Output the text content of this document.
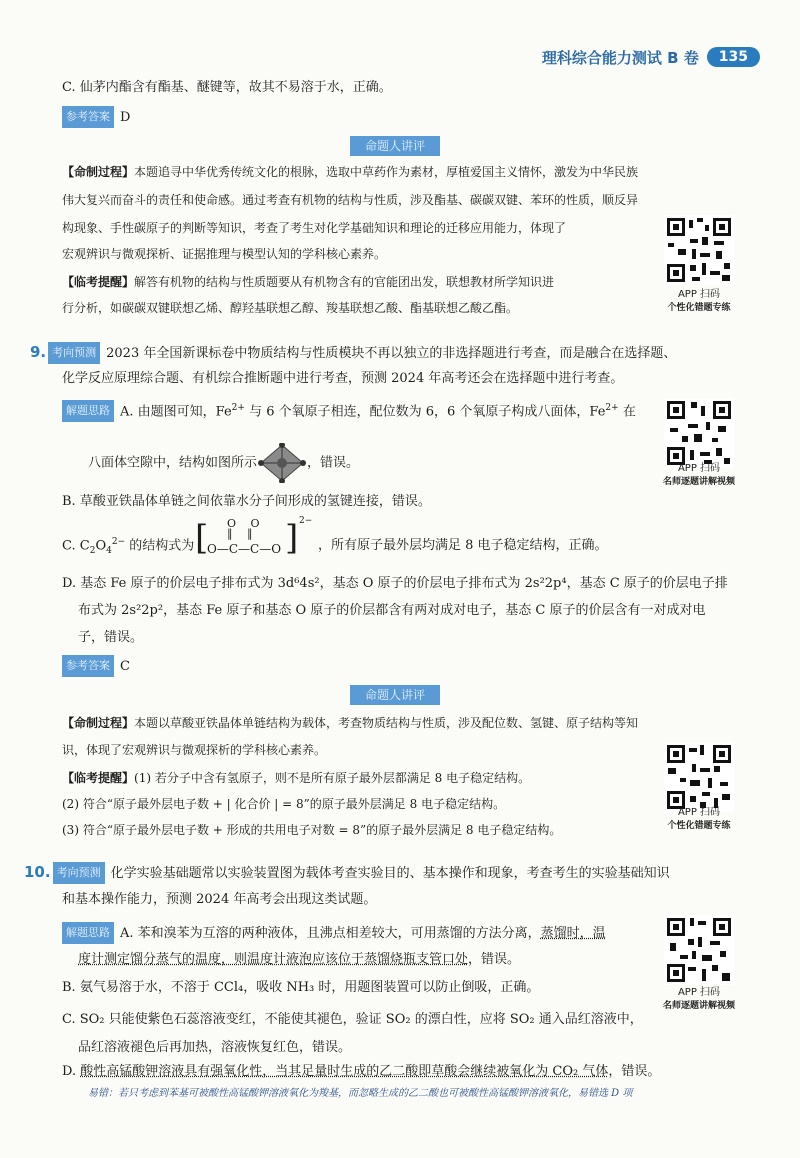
理科综合能力测试 B 卷	135
C. 仙茅内酯含有酯基、醚键等，故其不易溶于水，正确。
参考答案 D
命题人讲评
【命制过程】本题追寻中华优秀传统文化的根脉，选取中草药作为素材，厚植爱国主义情怀，激发为中华民族
伟大复兴而奋斗的责任和使命感。通过考查有机物的结构与性质，涉及酯基、碳碳双键、苯环的性质，顺反异
构现象、手性碳原子的判断等知识，考查了考生对化学基础知识和理论的迁移应用能力，体现了
宏观辨识与微观探析、证据推理与模型认知的学科核心素养。
【临考提醒】解答有机物的结构与性质题要从有机物含有的官能团出发，联想教材所学知识进
行分析，如碳碳双键联想乙烯、醇羟基联想乙醇、羧基联想乙酸、酯基联想乙酸乙酯。
APP 扫码
个性化错题专练
9. 考向预测 2023 年全国新课标卷中物质结构与性质模块不再以独立的非选择题进行考查，而是融合在选择题、
化学反应原理综合题、有机综合推断题中进行考查，预测 2024 年高考还会在选择题中进行考查。
解题思路 A. 由题图可知，$Fe^{2+}$ 与 6 个氧原子相连，配位数为 6，6 个氧原子构成八面体，$Fe^{2+}$ 在
八面体空隙中，结构如图所示	，错误。	APP 扫码
名师逐题讲解视频
B. 草酸亚铁晶体单链之间依靠水分子间形成的氢键连接，错误。
C. $C_2O_4^{2-}$ 的结构式为 [ O   O
‖   ‖
O—C—C—O ] 2−
，所有原子最外层均满足 8 电子稳定结构，正确。
D. 基态 Fe 原子的价层电子排布式为 3d⁶4s²，基态 O 原子的价层电子排布式为 2s²2p⁴，基态 C 原子的价层电子排
布式为 2s²2p²，基态 Fe 原子和基态 O 原子的价层都含有两对成对电子，基态 C 原子的价层含有一对成对电
子，错误。
参考答案 C
命题人讲评
【命制过程】本题以草酸亚铁晶体单链结构为载体，考查物质结构与性质，涉及配位数、氢键、原子结构等知
识，体现了宏观辨识与微观探析的学科核心素养。
【临考提醒】(1) 若分子中含有氢原子，则不是所有原子最外层都满足 8 电子稳定结构。
(2) 符合“原子最外层电子数 + | 化合价 | = 8”的原子最外层满足 8 电子稳定结构。
(3) 符合“原子最外层电子数 + 形成的共用电子对数 = 8”的原子最外层满足 8 电子稳定结构。
APP 扫码
个性化错题专练
10. 考向预测 化学实验基础题常以实验装置图为载体考查实验目的、基本操作和现象，考查考生的实验基础知识
和基本操作能力，预测 2024 年高考会出现这类试题。
解题思路 A. 苯和溴苯为互溶的两种液体，且沸点相差较大，可用蒸馏的方法分离，蒸馏时，温
度计测定馏分蒸气的温度，则温度计液泡应该位于蒸馏烧瓶支管口处，错误。
B. 氨气易溶于水，不溶于 CCl₄，吸收 NH₃ 时，用题图装置可以防止倒吸，正确。
C. SO₂ 只能使紫色石蕊溶液变红，不能使其褪色，验证 SO₂ 的漂白性，应将 SO₂ 通入品红溶液中，
品红溶液褪色后再加热，溶液恢复红色，错误。
D. 酸性高锰酸钾溶液具有强氧化性，当其足量时生成的乙二酸即草酸会继续被氧化为 CO₂ 气体，错误。
易错：若只考虑到苯基可被酸性高锰酸钾溶液氧化为羧基，而忽略生成的乙二酸也可被酸性高锰酸钾溶液氧化，易错选 D 项
APP 扫码
名师逐题讲解视频
